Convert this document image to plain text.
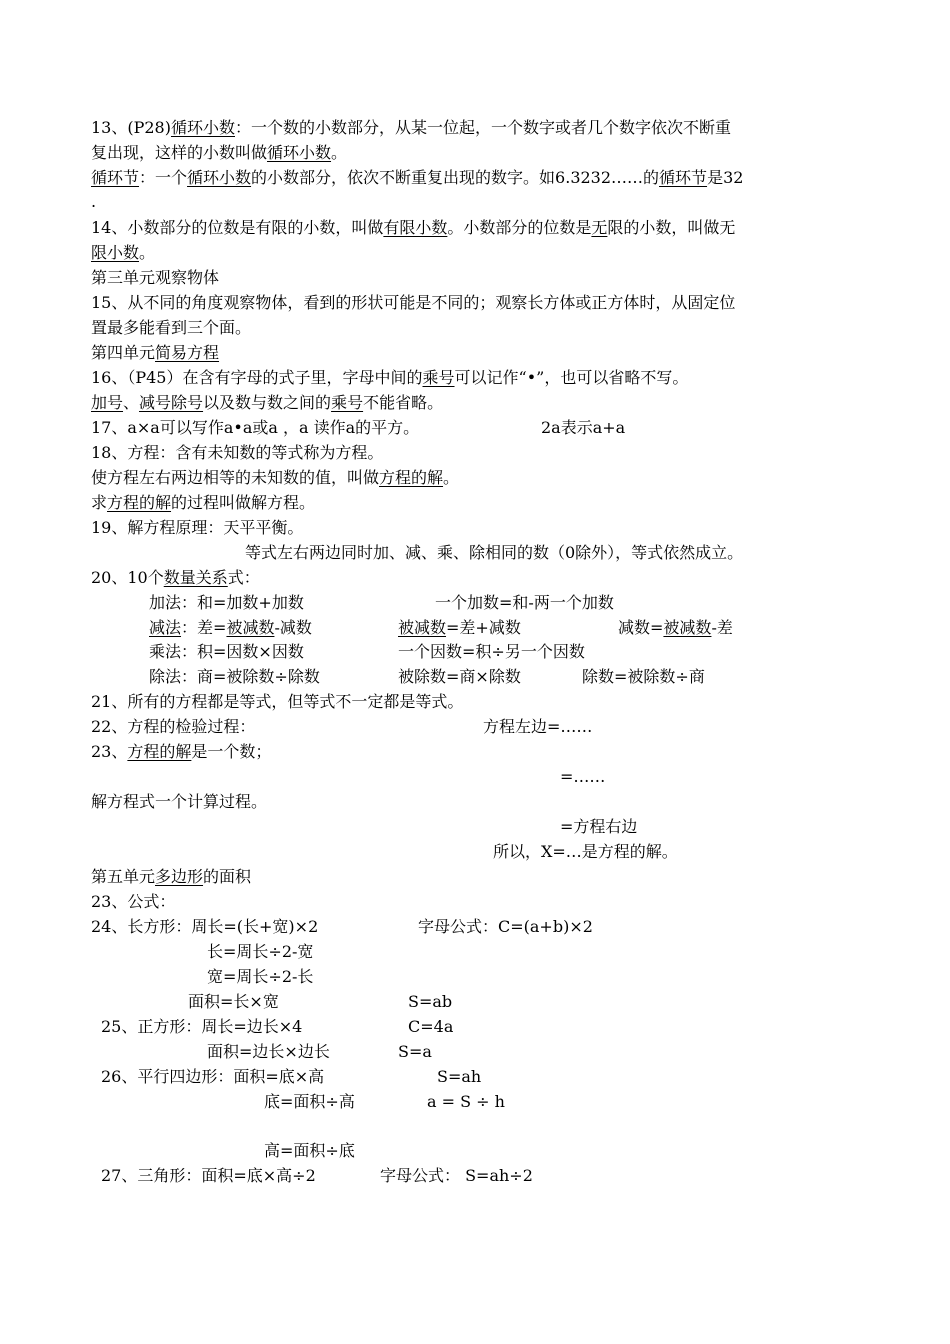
13、(P28)循环小数：一个数的小数部分，从某一位起，一个数字或者几个数字依次不断重
复出现，这样的小数叫做循环小数。
循环节：一个循环小数的小数部分，依次不断重复出现的数字。如6.3232……的循环节是32
.
14、小数部分的位数是有限的小数，叫做有限小数。小数部分的位数是无限的小数，叫做无
限小数。
第三单元观察物体
15、从不同的角度观察物体，看到的形状可能是不同的；观察长方体或正方体时，从固定位
置最多能看到三个面。
第四单元简易方程
16、（P45）在含有字母的式子里，字母中间的乘号可以记作“•”，也可以省略不写。
加号、减号除号以及数与数之间的乘号不能省略。
17、a×a可以写作a•a或a ，a 读作a的平方。	2a表示a+a
18、方程：含有未知数的等式称为方程。
使方程左右两边相等的未知数的值，叫做方程的解。
求方程的解的过程叫做解方程。
19、解方程原理：天平平衡。
等式左右两边同时加、减、乘、除相同的数（0除外），等式依然成立。
20、10个数量关系式：
加法：和=加数+加数	一个加数=和-两一个加数
减法：差=被减数-减数	被减数=差+减数	减数=被减数-差
乘法：积=因数×因数	一个因数=积÷另一个因数
除法：商=被除数÷除数	被除数=商×除数	除数=被除数÷商
21、所有的方程都是等式，但等式不一定都是等式。
22、方程的检验过程：	方程左边=……
23、方程的解是一个数；
=……
解方程式一个计算过程。
=方程右边
所以，X=…是方程的解。
第五单元多边形的面积
23、公式：
24、长方形：周长=(长+宽)×2	字母公式：C=(a+b)×2
长=周长÷2-宽
宽=周长÷2-长
面积=长×宽	S=ab
25、正方形：周长=边长×4	C=4a
面积=边长×边长	S=a
26、平行四边形：面积=底×高	S=ah
底=面积÷高	a = S ÷ h
高=面积÷底
27、三角形：面积=底×高÷2	字母公式： S=ah÷2
